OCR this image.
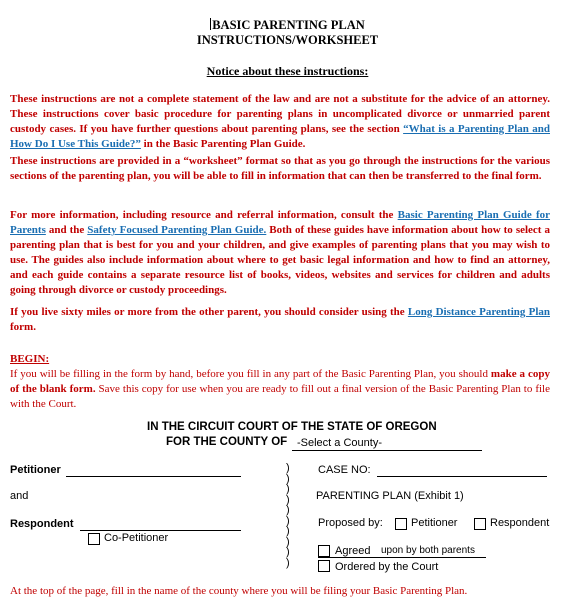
BASIC PARENTING PLAN
INSTRUCTIONS/WORKSHEET
Notice about these instructions:
These instructions are not a complete statement of the law and are not a substitute for the advice of an attorney. These instructions cover basic procedure for parenting plans in uncomplicated divorce or unmarried parent custody cases. If you have further questions about parenting plans, see the section “What is a Parenting Plan and How Do I Use This Guide?” in the Basic Parenting Plan Guide.
These instructions are provided in a “worksheet” format so that as you go through the instructions for the various sections of the parenting plan, you will be able to fill in information that can then be transferred to the final form.
For more information, including resource and referral information, consult the Basic Parenting Plan Guide for Parents and the Safety Focused Parenting Plan Guide. Both of these guides have information about how to select a parenting plan that is best for you and your children, and give examples of parenting plans that you may wish to use. The guides also include information about where to get basic legal information and how to find an attorney, and each guide contains a separate resource list of books, videos, websites and services for children and adults going through divorce or custody proceedings.
If you live sixty miles or more from the other parent, you should consider using the Long Distance Parenting Plan form.
BEGIN:
If you will be filling in the form by hand, before you fill in any part of the Basic Parenting Plan, you should make a copy of the blank form. Save this copy for use when you are ready to fill out a final version of the Basic Parenting Plan to file with the Court.
IN THE CIRCUIT COURT OF THE STATE OF OREGON
FOR THE COUNTY OF -Select a County-
Petitioner
and
Respondent
Co-Petitioner
)
)
)
)
)
)
)
)
)
)
CASE NO:
PARENTING PLAN (Exhibit 1)
Proposed by:	Petitioner	Respondent
Agreed upon by both parents
Ordered by the Court
At the top of the page, fill in the name of the county where you will be filing your Basic Parenting Plan.
